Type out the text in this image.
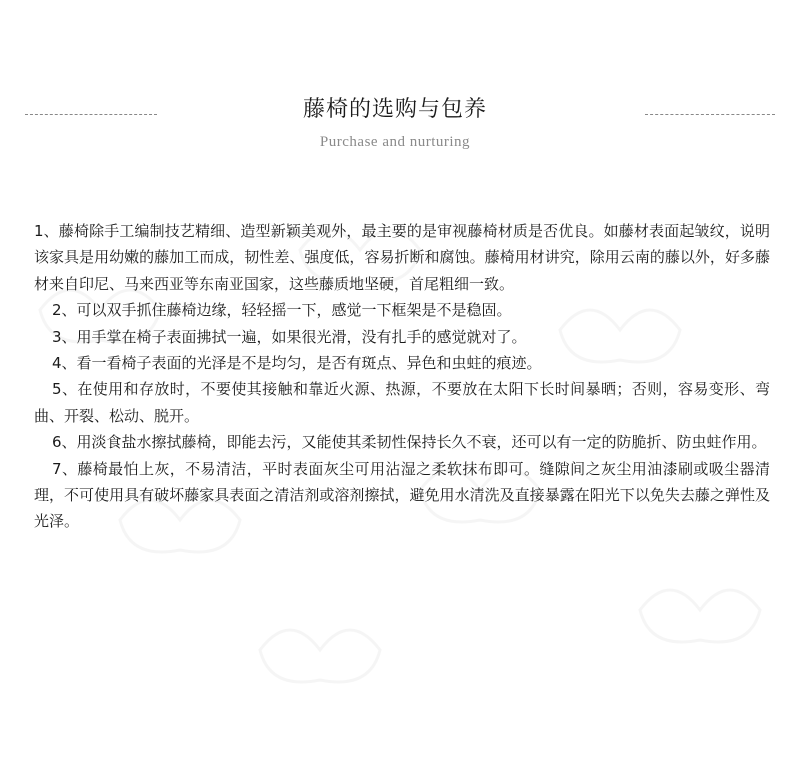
藤椅的选购与包养
Purchase and nurturing

1、藤椅除手工编制技艺精细、造型新颖美观外，最主要的是审视藤椅材质是否优良。如藤材表面起皱纹，说明该家具是用幼嫩的藤加工而成，韧性差、强度低，容易折断和腐蚀。藤椅用材讲究，除用云南的藤以外，好多藤材来自印尼、马来西亚等东南亚国家，这些藤质地坚硬，首尾粗细一致。

2、可以双手抓住藤椅边缘，轻轻摇一下，感觉一下框架是不是稳固。

3、用手掌在椅子表面拂拭一遍，如果很光滑，没有扎手的感觉就对了。

4、看一看椅子表面的光泽是不是均匀，是否有斑点、异色和虫蛀的痕迹。

5、在使用和存放时，不要使其接触和靠近火源、热源，不要放在太阳下长时间暴晒；否则，容易变形、弯曲、开裂、松动、脱开。

6、用淡食盐水擦拭藤椅，即能去污，又能使其柔韧性保持长久不衰，还可以有一定的防脆折、防虫蛀作用。

7、藤椅最怕上灰，不易清洁，平时表面灰尘可用沾湿之柔软抹布即可。缝隙间之灰尘用油漆刷或吸尘器清理，不可使用具有破坏藤家具表面之清洁剂或溶剂擦拭，避免用水清洗及直接暴露在阳光下以免失去藤之弹性及光泽。
